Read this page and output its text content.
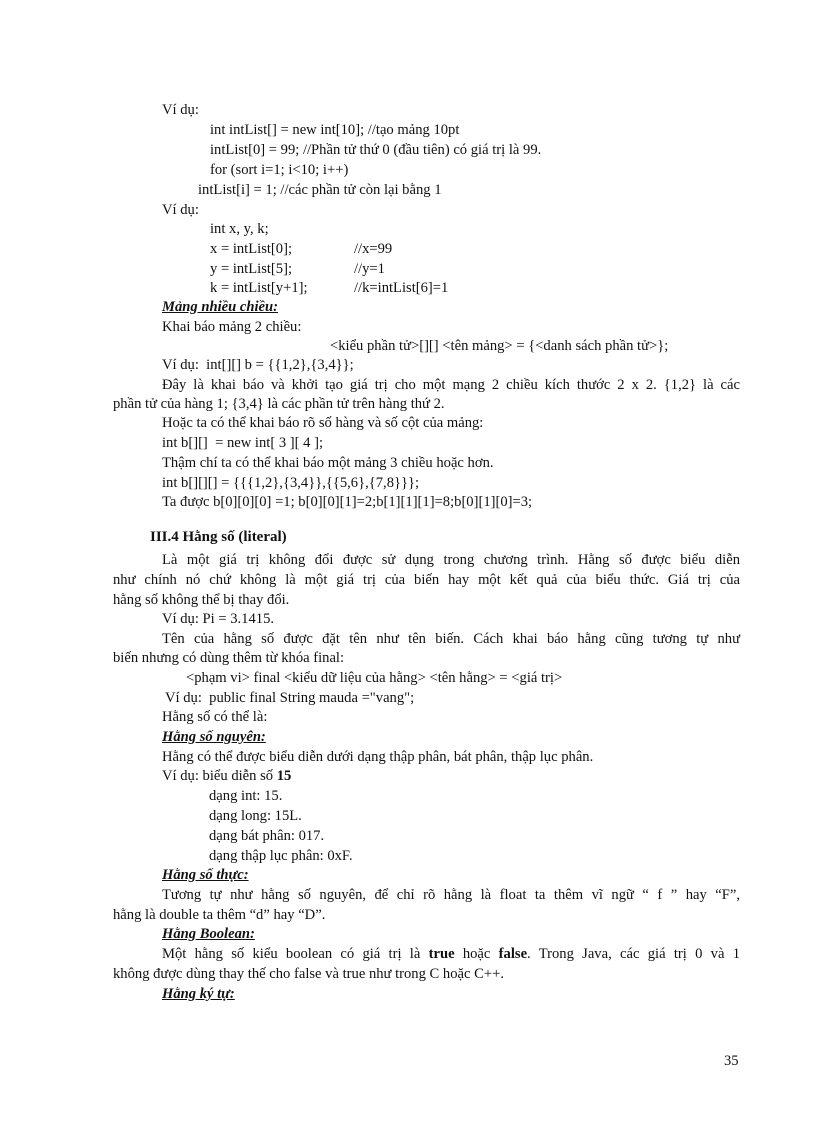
Ví dụ:
int intList[] = new int[10]; //tạo mảng 10pt
intList[0] = 99; //Phần tử thứ 0 (đầu tiên) có giá trị là 99.
for (sort i=1; i<10; i++)
intList[i] = 1; //các phần tử còn lại bằng 1
Ví dụ:
int x, y, k;
x = intList[0];	//x=99
y = intList[5];	//y=1
k = intList[y+1];	//k=intList[6]=1
Mảng nhiều chiều:
Khai báo mảng 2 chiều:
<kiểu phần tử>[][] <tên mảng> = {<danh sách phần tử>};
Ví dụ:  int[][] b = {{1,2},{3,4}};
Đây là khai báo và khởi tạo giá trị cho một mạng 2 chiều kích thước 2 x 2. {1,2} là các
phần tử của hàng 1; {3,4} là các phần tử trên hàng thứ 2.
Hoặc ta có thể khai báo rõ số hàng và số cột của mảng:
int b[][]  = new int[ 3 ][ 4 ];
Thậm chí ta có thể khai báo một mảng 3 chiều hoặc hơn.
int b[][][] = {{{1,2},{3,4}},{{5,6},{7,8}}};
Ta được b[0][0][0] =1; b[0][0][1]=2;b[1][1][1]=8;b[0][1][0]=3;
III.4 Hằng số (literal)
Là một giá trị không đổi được sử dụng trong chương trình. Hằng số được biểu diễn
như chính nó chứ không là một giá trị của biến hay một kết quả của biểu thức. Giá trị của
hằng số không thể bị thay đổi.
Ví dụ: Pi = 3.1415.
Tên của hằng số được đặt tên như tên biến. Cách khai báo hằng cũng tương tự như
biến nhưng có dùng thêm từ khóa final:
<phạm vi> final <kiểu dữ liệu của hằng> <tên hằng> = <giá trị>
Ví dụ:  public final String mauda ="vang";
Hằng số có thể là:
Hằng số nguyên:
Hằng có thể được biểu diễn dưới dạng thập phân, bát phân, thập lục phân.
Ví dụ: biểu diễn số 15
dạng int: 15.
dạng long: 15L.
dạng bát phân: 017.
dạng thập lục phân: 0xF.
Hằng số thực:
Tương tự như hằng số nguyên, để chỉ rõ hằng là float ta thêm vĩ ngữ “ f ” hay “F”,
hằng là double ta thêm “d” hay “D”.
Hằng Boolean:
Một hằng số kiểu boolean có giá trị là true hoặc false. Trong Java, các giá trị 0 và 1
không được dùng thay thế cho false và true như trong C hoặc C++.
Hằng ký tự:
35
